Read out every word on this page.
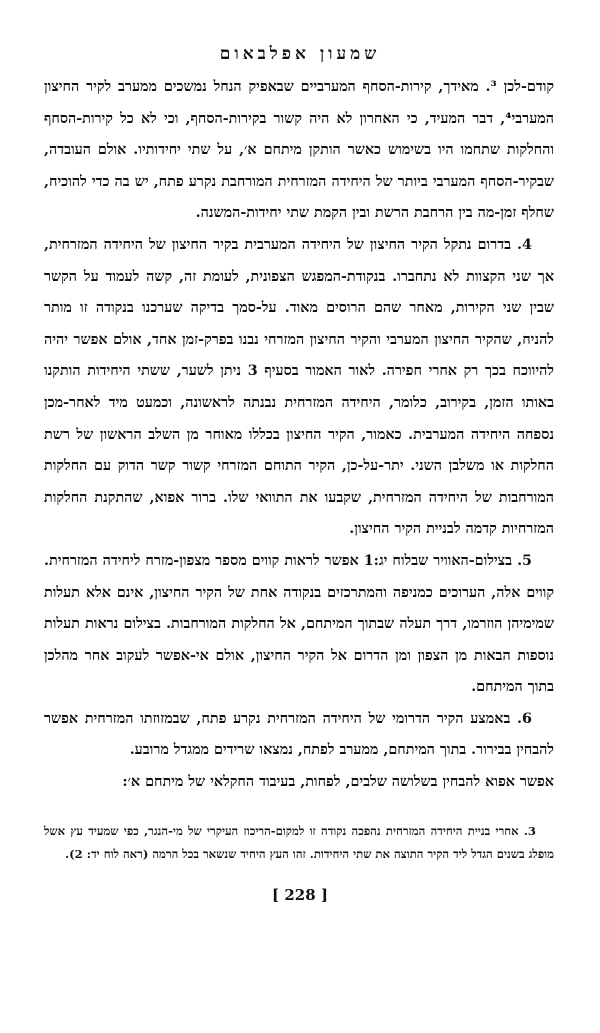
שמעון אפלבאום

קודם-לכן ³. מאידך, קירות-הסחף המערביים שבאפיק הנחל נמשכים ממערב לקיר החיצון המערבי⁴, דבר המעיד, כי האחרון לא היה קשור בקירות-הסחף, וכי לא כל קירות-הסחף והחלקות שתחמו היו בשימוש כאשר הותקן מיתחם א׳, על שתי יחידותיו. אולם העובדה, שבקיר-הסחף המערבי ביותר של היחידה המזרחית המורחבת נקרע פתח, יש בה כדי להוכיח, שחלף זמן-מה בין הרחבת הרשת ובין הקמת שתי יחידות-המשנה.

4. בדרום נתקל הקיר החיצון של היחידה המערבית בקיר החיצון של היחידה המזרחית, אך שני הקצוות לא נתחברו. בנקודת-המפגש הצפונית, לעומת זה, קשה לעמוד על הקשר שבין שני הקירות, מאחר שהם הרוסים מאוד. על-סמך בדיקה שערכנו בנקודה זו מותר להניח, שהקיר החיצון המערבי והקיר החיצון המזרחי נבנו בפרק-זמן אחד, אולם אפשר יהיה להיווכח בכך רק אחרי חפירה. לאור האמור בסעיף 3 ניתן לשער, ששתי היחידות הותקנו באותו הזמן, בקירוב, כלומר, היחידה המזרחית נבנתה לראשונה, וכמעט מיד לאחר-מכן נספחה היחידה המערבית. כאמור, הקיר החיצון בכללו מאוחר מן השלב הראשון של רשת החלקות או משלבן השני. יתר-על-כן, הקיר התוחם המזרחי קשור קשר הדוק עם החלקות המורחבות של היחידה המזרחית, שקבעו את התוואי שלו. ברור אפוא, שהתקנת החלקות המזרחיות קדמה לבניית הקיר החיצון.

5. בצילום-האוויר שבלוח יג:1 אפשר לראות קווים מספר מצפון-מזרח ליחידה המזרחית. קווים אלה, הערוכים כמניפה והמתרכזים בנקודה אחת של הקיר החיצון, אינם אלא תעלות שמימיהן הוזרמו, דרך תעלה שבתוך המיתחם, אל החלקות המורחבות. בצילום נראות תעלות נוספות הבאות מן הצפון ומן הדרום אל הקיר החיצון, אולם אי-אפשר לעקוב אחר מהלכן בתוך המיתחם.

6. באמצע הקיר הדרומי של היחידה המזרחית נקרע פתח, שבמזוזתו המזרחית אפשר להבחין בבירור. בתוך המיתחם, ממערב לפתח, נמצאו שרידים ממגדל מרובע.

אפשר אפוא להבחין בשלושה שלבים, לפחות, בעיבוד החקלאי של מיתחם א׳:

3. אחרי בניית היחידה המזרחית נהפכה נקודה זו למקום-הריכוז העיקרי של מי-הנגר, כפי שמעיד עץ אשל מופלג בשנים הגדל ליד הקיר התוצה את שתי היחידות. זהו העץ היחיד שנשאר בכל הרמה (ראה לוח יד: 2).

[ 228 ]
